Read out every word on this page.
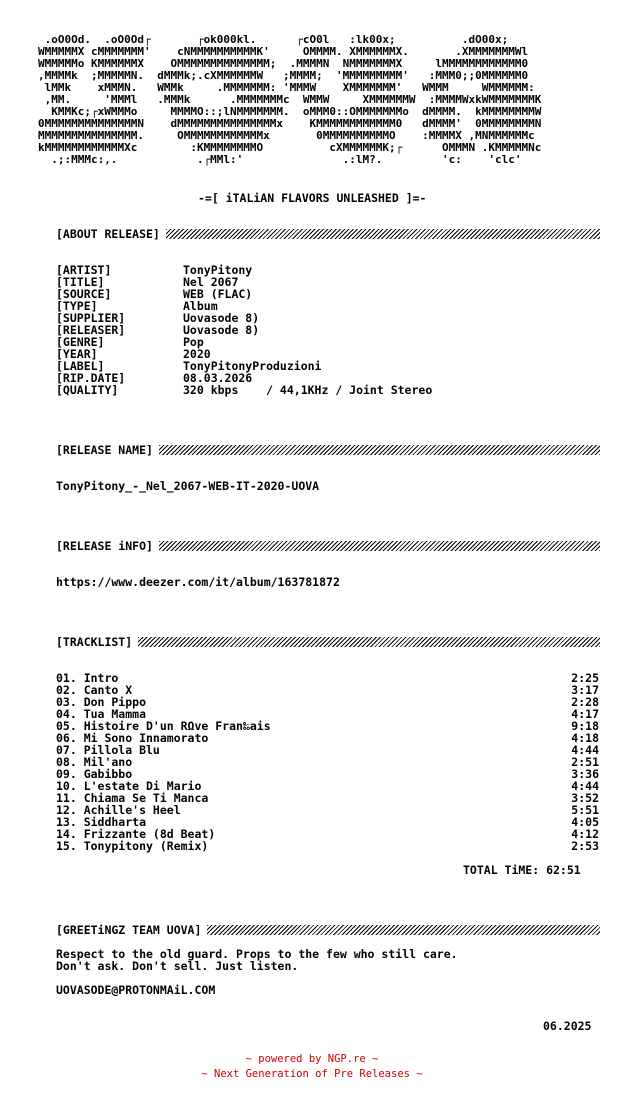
.oO0Od.  .oO0Od┌       ┌ok000kl.      ┌cO0l   :lk00x;          .dO00x;
WMMMMMX cMMMMMMM'    cNMMMMMMMMMMK'     OMMMM. XMMMMMMX.       .XMMMMMMMWl
WMMMMMo KMMMMMMX    OMMMMMMMMMMMMMM;  .MMMMN  NMMMMMMMX     lMMMMMMMMMMMM0
,MMMMk  ;MMMMMN.  dMMMk;.cXMMMMMMW   ;MMMM;  'MMMMMMMMM'   :MMM0;;0MMMMMM0
lMMk    xMMMN.   WMMk     .MMMMMMM: 'MMMW    XMMMMMMM'   WMMM     WMMMMMM:
,MM.     'MMMl   .MMMk      .MMMMMMMc  WMMW     XMMMMMMW  :MMMMWxkWMMMMMMMK
KMMKc;┌xWMMMo     MMMMO::;lNMMMMMMM.  oMMM0::OMMMMMMMo  dMMMM.  kMMMMMMMMW
0MMMMMMMMMMMMMMN    dMMMMMMMMMMMMMMMx    KMMMMMMMMMMMM0   dMMMM'  0MMMMMMMMN
MMMMMMMMMMMMMMM.     OMMMMMMMMMMMMx       0MMMMMMMMMMO    :MMMMX ,MNMMMMMMc
kMMMMMMMMMMMMXc        :KMMMMMMMMO          cXMMMMMMK;┌      OMMMN .KMMMMMNc
.;:MMMc:,.            .┌MMl:'               .:lM?.         'c:    'clc'
-=[ iTALiAN FLAVORS UNLEASHED ]=-
[ABOUT RELEASE]
[ARTIST]	TonyPitony
[TITLE]	Nel 2067
[SOURCE]	WEB (FLAC)
[TYPE]	Album
[SUPPLIER]	Uovasode 8)
[RELEASER]	Uovasode 8)
[GENRE]	Pop
[YEAR]	2020
[LABEL]	TonyPitonyProduzioni
[RIP.DATE]	08.03.2026
[QUALITY]	320 kbps    / 44,1KHz / Joint Stereo
[RELEASE NAME]
TonyPitony_-_Nel_2067-WEB-IT-2020-UOVA
[RELEASE iNFO]
https://www.deezer.com/it/album/163781872
[TRACKLIST]
01. Intro	2:25
02. Canto X	3:17
03. Don Pippo	2:28
04. Tua Mamma	4:17
05. Histoire D'un RΩve Fran‰ais	9:18
06. Mi Sono Innamorato	4:18
07. Pillola Blu	4:44
08. Mil'ano	2:51
09. Gabibbo	3:36
10. L'estate Di Mario	4:44
11. Chiama Se Ti Manca	3:52
12. Achille's Heel	5:51
13. Siddharta	4:05
14. Frizzante (8d Beat)	4:12
15. Tonypitony (Remix)	2:53
TOTAL TiME: 62:51
[GREETiNGZ TEAM UOVA]
Respect to the old guard. Props to the few who still care.
Don't ask. Don't sell. Just listen.
UOVASODE@PROTONMAiL.COM
06.2025
~ powered by NGP.re ~
~ Next Generation of Pre Releases ~
